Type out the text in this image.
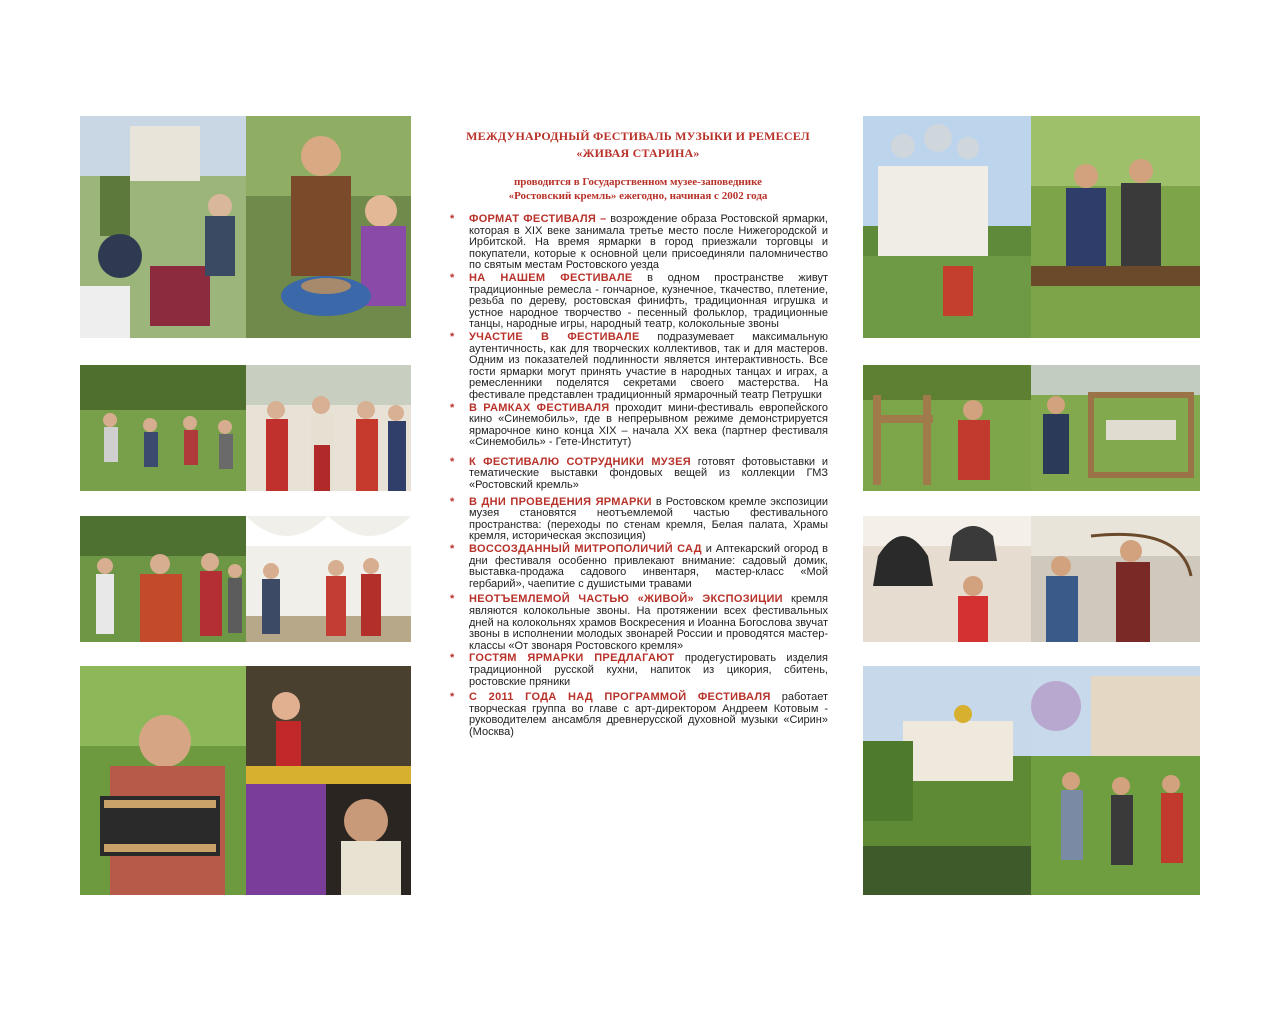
МЕЖДУНАРОДНЫЙ ФЕСТИВАЛЬ МУЗЫКИ И РЕМЕСЕЛ
«ЖИВАЯ СТАРИНА»
проводится в Государственном музее-заповеднике
«Ростовский кремль» ежегодно, начиная с 2002 года
* ФОРМАТ ФЕСТИВАЛЯ – возрождение образа Ростовской ярмарки, которая в XIX веке занимала третье место после Нижегородской и Ирбитской. На время ярмарки в город приезжали торговцы и покупатели, которые к основной цели присоединяли паломничество по святым местам Ростовского уезда
* НА НАШЕМ ФЕСТИВАЛЕ в одном пространстве живут традиционные ремесла - гончарное, кузнечное, ткачество, плетение, резьба по дереву, ростовская финифть, традиционная игрушка и устное народное творчество - песенный фольклор, традиционные танцы, народные игры, народный театр, колокольные звоны
* УЧАСТИЕ В ФЕСТИВАЛЕ подразумевает максимальную аутентичность, как для творческих коллективов, так и для мастеров. Одним из показателей подлинности является интерактивность. Все гости ярмарки могут принять участие в народных танцах и играх, а ремесленники поделятся секретами своего мастерства. На фестивале представлен традиционный ярмарочный театр Петрушки
* В РАМКАХ ФЕСТИВАЛЯ проходит мини-фестиваль европейского кино «Синемобиль», где в непрерывном режиме демонстрируется ярмарочное кино конца XIX – начала XX века (партнер фестиваля «Синемобиль» - Гете-Институт)
* К ФЕСТИВАЛЮ СОТРУДНИКИ МУЗЕЯ готовят фотовыставки и тематические выставки фондовых вещей из коллекции ГМЗ «Ростовский кремль»
* В ДНИ ПРОВЕДЕНИЯ ЯРМАРКИ в Ростовском кремле экспозиции музея становятся неотъемлемой частью фестивального пространства: (переходы по стенам кремля, Белая палата, Храмы кремля, историческая экспозиция)
* ВОССОЗДАННЫЙ МИТРОПОЛИЧИЙ САД и Аптекарский огород в дни фестиваля особенно привлекают внимание: садовый домик, выставка-продажа садового инвентаря, мастер-класс «Мой гербарий», чаепитие с душистыми травами
* НЕОТЪЕМЛЕМОЙ ЧАСТЬЮ «ЖИВОЙ» ЭКСПОЗИЦИИ кремля являются колокольные звоны. На протяжении всех фестивальных дней на колокольнях храмов Воскресения и Иоанна Богослова звучат звоны в исполнении молодых звонарей России и проводятся мастер-классы «От звонаря Ростовского кремля»
* ГОСТЯМ ЯРМАРКИ ПРЕДЛАГАЮТ продегустировать изделия традиционной русской кухни, напиток из цикория, сбитень, ростовские пряники
* С 2011 ГОДА НАД ПРОГРАММОЙ ФЕСТИВАЛЯ работает творческая группа во главе с арт-директором Андреем Котовым - руководителем ансамбля древнерусской духовной музыки «Сирин» (Москва)
